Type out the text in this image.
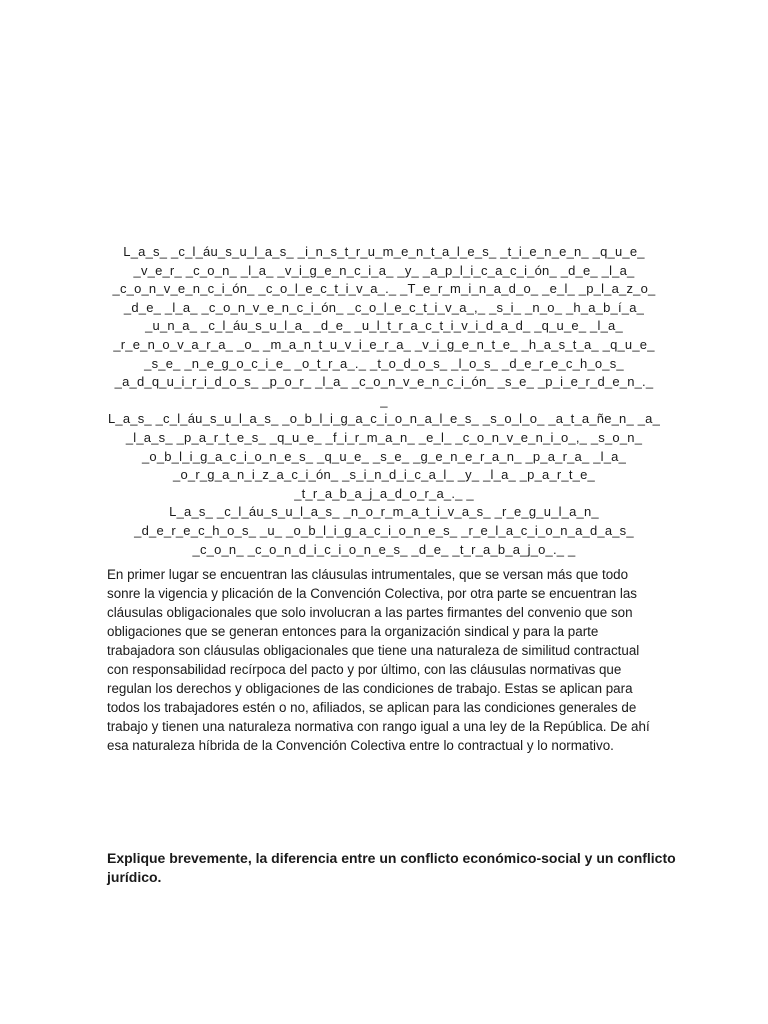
L_a_s_ _c_l_áu_s_u_l_a_s_ _i_n_s_t_r_u_m_e_n_t_a_l_e_s_ _t_i_e_n_e_n_ _q_u_e_
_v_e_r_ _c_o_n_ _l_a_ _v_i_g_e_n_c_i_a_ _y_ _a_p_l_i_c_a_c_i_ón_ _d_e_ _l_a_
_c_o_n_v_e_n_c_i_ón_ _c_o_l_e_c_t_i_v_a_._ _T_e_r_m_i_n_a_d_o_ _e_l_ _p_l_a_z_o_
_d_e_ _l_a_ _c_o_n_v_e_n_c_i_ón_ _c_o_l_e_c_t_i_v_a_,_ _s_i_ _n_o_ _h_a_b_í_a_
_u_n_a_ _c_l_áu_s_u_l_a_ _d_e_ _u_l_t_r_a_c_t_i_v_i_d_a_d_ _q_u_e_ _l_a_
_r_e_n_o_v_a_r_a_ _o_ _m_a_n_t_u_v_i_e_r_a_ _v_i_g_e_n_t_e_ _h_a_s_t_a_ _q_u_e_
_s_e_ _n_e_g_o_c_i_e_ _o_t_r_a_._ _t_o_d_o_s_ _l_o_s_ _d_e_r_e_c_h_o_s_
_a_d_q_u_i_r_i_d_o_s_ _p_o_r_ _l_a_ _c_o_n_v_e_n_c_i_ón_ _s_e_ _p_i_e_r_d_e_n_._
_
L_a_s_ _c_l_áu_s_u_l_a_s_ _o_b_l_i_g_a_c_i_o_n_a_l_e_s_ _s_o_l_o_ _a_t_a_ñe_n_ _a_
_l_a_s_ _p_a_r_t_e_s_ _q_u_e_ _f_i_r_m_a_n_ _e_l_ _c_o_n_v_e_n_i_o_,_ _s_o_n_
_o_b_l_i_g_a_c_i_o_n_e_s_ _q_u_e_ _s_e_ _g_e_n_e_r_a_n_ _p_a_r_a_ _l_a_
_o_r_g_a_n_i_z_a_c_i_ón_ _s_i_n_d_i_c_a_l_ _y_ _l_a_ _p_a_r_t_e_
_t_r_a_b_a_j_a_d_o_r_a_._ _
L_a_s_ _c_l_áu_s_u_l_a_s_ _n_o_r_m_a_t_i_v_a_s_ _r_e_g_u_l_a_n_
_d_e_r_e_c_h_o_s_ _u_ _o_b_l_i_g_a_c_i_o_n_e_s_ _r_e_l_a_c_i_o_n_a_d_a_s_
_c_o_n_ _c_o_n_d_i_c_i_o_n_e_s_ _d_e_ _t_r_a_b_a_j_o_._ _

En primer lugar se encuentran las cláusulas intrumentales, que se versan más que todo
sonre la vigencia y plicación de la Convención Colectiva, por otra parte se encuentran las
cláusulas obligacionales que solo involucran a las partes firmantes del convenio que son
obligaciones que se generan entonces para la organización sindical y para la parte
trabajadora son cláusulas obligacionales que tiene una naturaleza de similitud contractual
con responsabilidad recírpoca del pacto y por último, con las cláusulas normativas que
regulan los derechos y obligaciones de las condiciones de trabajo. Estas se aplican para
todos los trabajadores estén o no, afiliados, se aplican para las condiciones generales de
trabajo y tienen una naturaleza normativa con rango igual a una ley de la República. De ahí
esa naturaleza híbrida de la Convención Colectiva entre lo contractual y lo normativo.

Explique brevemente, la diferencia entre un conflicto económico-social y un conflicto
jurídico.
